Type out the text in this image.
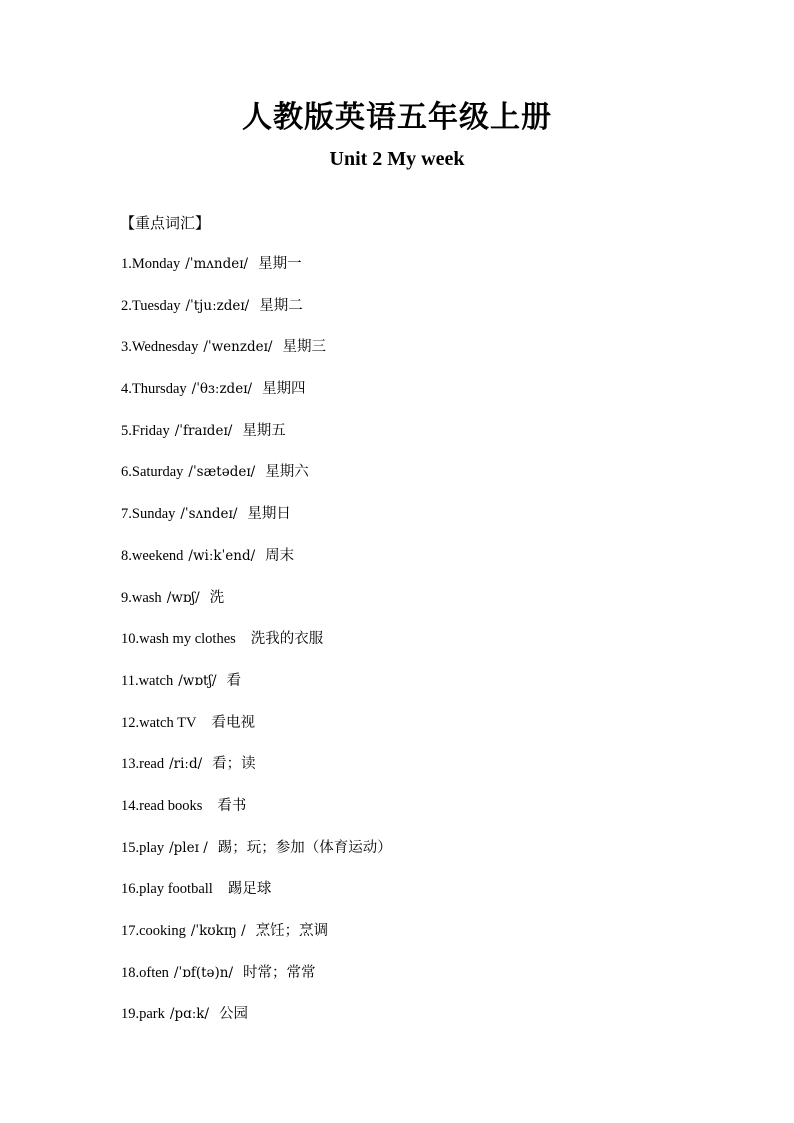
人教版英语五年级上册
Unit 2 My week
【重点词汇】
1.Monday /ˈmʌndeɪ/ 星期一
2.Tuesday /ˈtjuːzdeɪ/ 星期二
3.Wednesday /ˈwenzdeɪ/ 星期三
4.Thursday /ˈθɜːzdeɪ/ 星期四
5.Friday /ˈfraɪdeɪ/ 星期五
6.Saturday /ˈsætədeɪ/ 星期六
7.Sunday /ˈsʌndeɪ/ 星期日
8.weekend /wiːkˈend/ 周末
9.wash /wɒʃ/ 洗
10.wash my clothes 洗我的衣服
11.watch /wɒtʃ/ 看
12.watch TV 看电视
13.read /riːd/ 看；读
14.read books 看书
15.play /pleɪ / 踢；玩；参加（体育运动）
16.play football 踢足球
17.cooking /ˈkʊkɪŋ / 烹饪；烹调
18.often /ˈɒf(tə)n/ 时常；常常
19.park /pɑːk/ 公园
